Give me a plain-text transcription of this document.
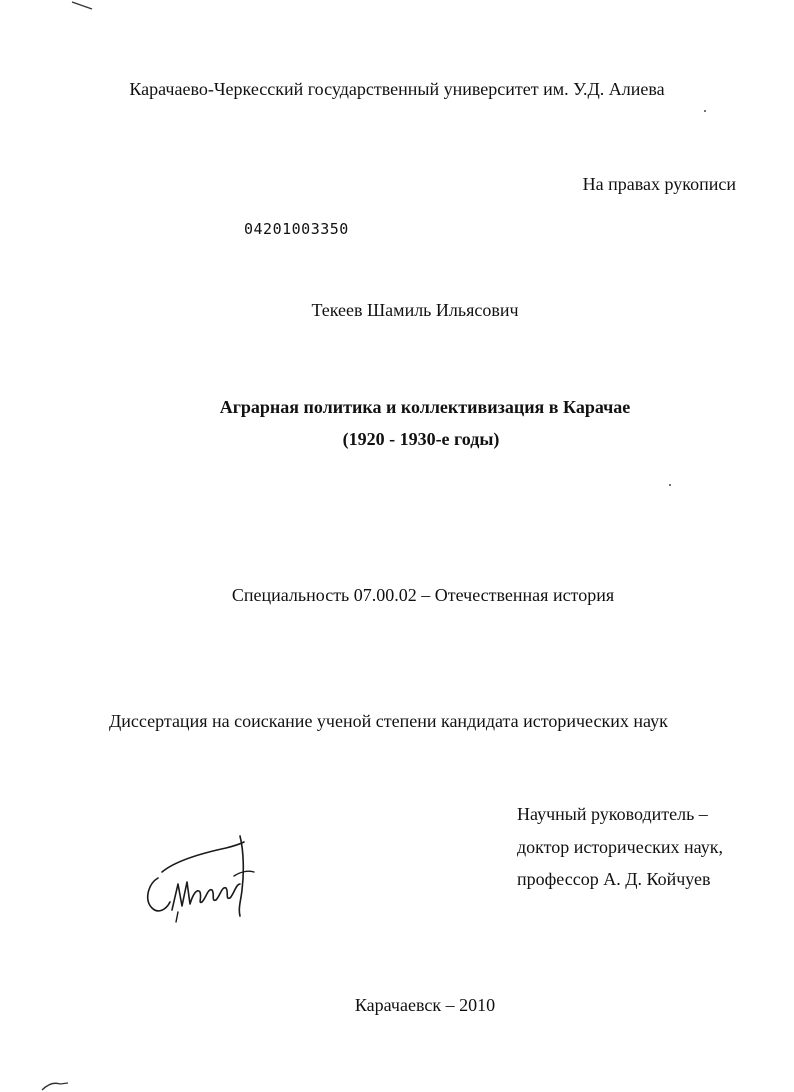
Карачаево-Черкесский государственный университет им. У.Д. Алиева
На правах рукописи
04201003350
Текеев Шамиль Ильясович
Аграрная политика и коллективизация в Карачае
(1920 - 1930-е годы)
Специальность 07.00.02 – Отечественная история
Диссертация на соискание ученой степени кандидата исторических наук
Научный руководитель –
доктор исторических наук,
профессор А. Д. Койчуев
Карачаевск – 2010
